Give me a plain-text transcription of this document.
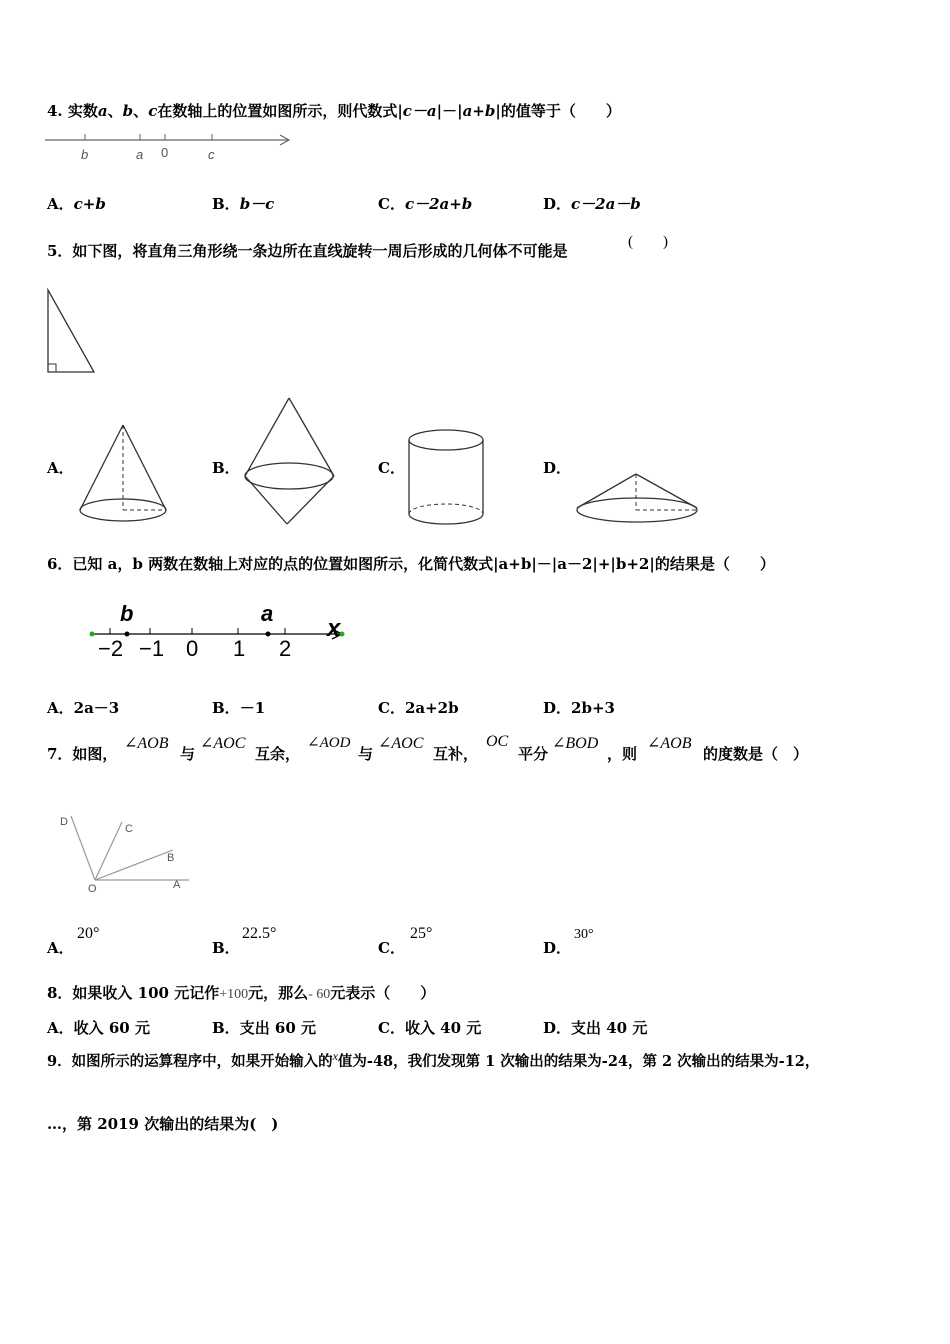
4. 实数a、b、c在数轴上的位置如图所示，则代数式|c－a|－|a+b|的值等于（　　）
b	a 0	c
A．c+b	B．b－c	C．c－2a+b	D．c－2a－b
5．如下图，将直角三角形绕一条边所在直线旋转一周后形成的几何体不可能是	(　　)
A．	B．	C．	D．
6．已知 a，b 两数在数轴上对应的点的位置如图所示，化简代数式|a+b|－|a－2|+|b+2|的结果是（　　）
b	a
x
−2 −1 0 1 2
A．2a－3	B．－1	C．2a+2b	D．2b+3
7．如图，
∠AOB
与
∠AOC
互余，
∠AOD
与
∠AOC
互补，
OC
平分
∠BOD
，则
∠AOB
的度数是（　）
D
C
B
O	A
A．
20°
B．
22.5°
C．
25°
D．
30°
8．如果收入 100 元记作+100元，那么- 60元表示（　　）
A．收入 60 元	B．支出 60 元	C．收入 40 元	D．支出 40 元
9．如图所示的运算程序中，如果开始输入的$^x$值为-48，我们发现第 1 次输出的结果为-24，第 2 次输出的结果为-12，
…，第 2019 次输出的结果为(　)
